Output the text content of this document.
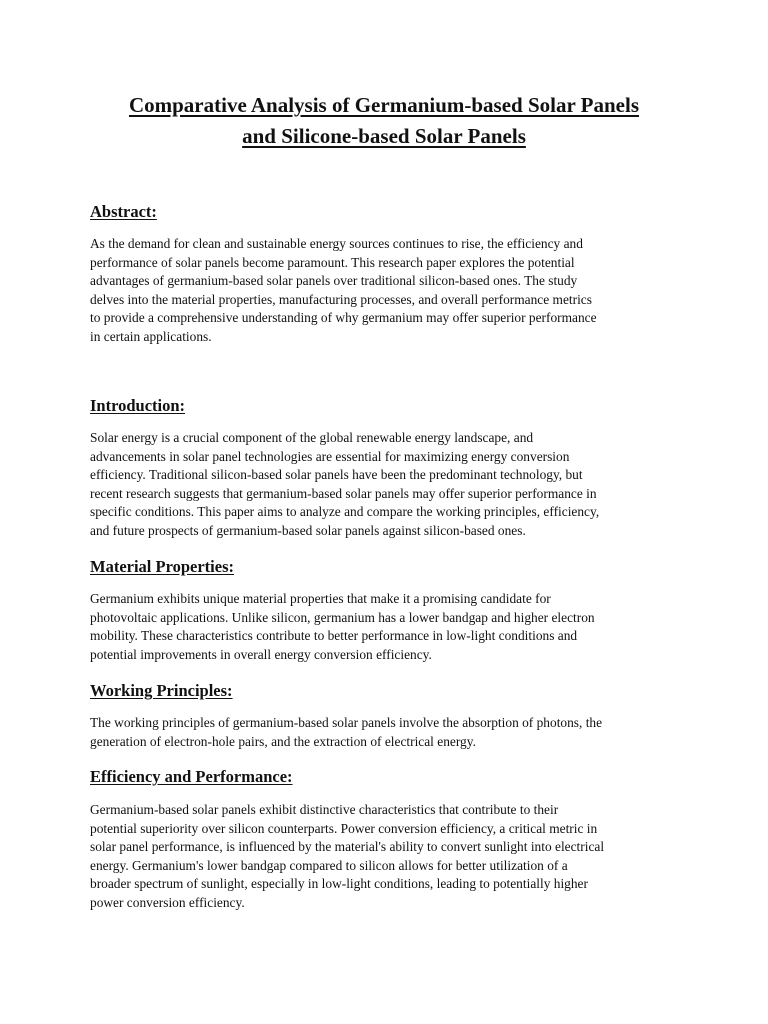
Comparative Analysis of Germanium-based Solar Panels
and Silicone-based Solar Panels
Abstract:
As the demand for clean and sustainable energy sources continues to rise, the efficiency and
performance of solar panels become paramount. This research paper explores the potential
advantages of germanium-based solar panels over traditional silicon-based ones. The study
delves into the material properties, manufacturing processes, and overall performance metrics
to provide a comprehensive understanding of why germanium may offer superior performance
in certain applications.
Introduction:
Solar energy is a crucial component of the global renewable energy landscape, and
advancements in solar panel technologies are essential for maximizing energy conversion
efficiency. Traditional silicon-based solar panels have been the predominant technology, but
recent research suggests that germanium-based solar panels may offer superior performance in
specific conditions. This paper aims to analyze and compare the working principles, efficiency,
and future prospects of germanium-based solar panels against silicon-based ones.
Material Properties:
Germanium exhibits unique material properties that make it a promising candidate for
photovoltaic applications. Unlike silicon, germanium has a lower bandgap and higher electron
mobility. These characteristics contribute to better performance in low-light conditions and
potential improvements in overall energy conversion efficiency.
Working Principles:
The working principles of germanium-based solar panels involve the absorption of photons, the
generation of electron-hole pairs, and the extraction of electrical energy.
Efficiency and Performance:
Germanium-based solar panels exhibit distinctive characteristics that contribute to their
potential superiority over silicon counterparts. Power conversion efficiency, a critical metric in
solar panel performance, is influenced by the material's ability to convert sunlight into electrical
energy. Germanium's lower bandgap compared to silicon allows for better utilization of a
broader spectrum of sunlight, especially in low-light conditions, leading to potentially higher
power conversion efficiency.
